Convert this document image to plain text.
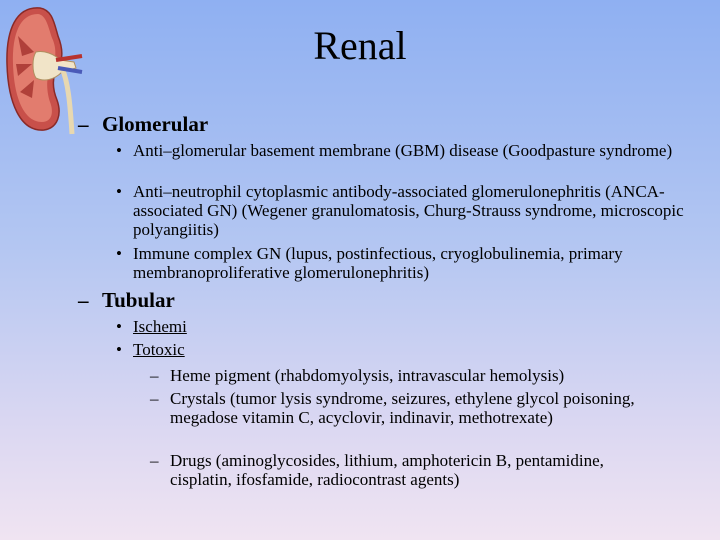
Renal
– Glomerular
• Anti–glomerular basement membrane (GBM) disease (Goodpasture syndrome)
• Anti–neutrophil cytoplasmic antibody-associated glomerulonephritis (ANCA-associated GN) (Wegener granulomatosis, Churg-Strauss syndrome, microscopic polyangiitis)
• Immune complex GN (lupus, postinfectious, cryoglobulinemia, primary membranoproliferative glomerulonephritis)
– Tubular
• Ischemi
• Totoxic
– Heme pigment (rhabdomyolysis, intravascular hemolysis)
– Crystals (tumor lysis syndrome, seizures, ethylene glycol poisoning, megadose vitamin C, acyclovir, indinavir, methotrexate)
– Drugs (aminoglycosides, lithium, amphotericin B, pentamidine, cisplatin, ifosfamide, radiocontrast agents)
